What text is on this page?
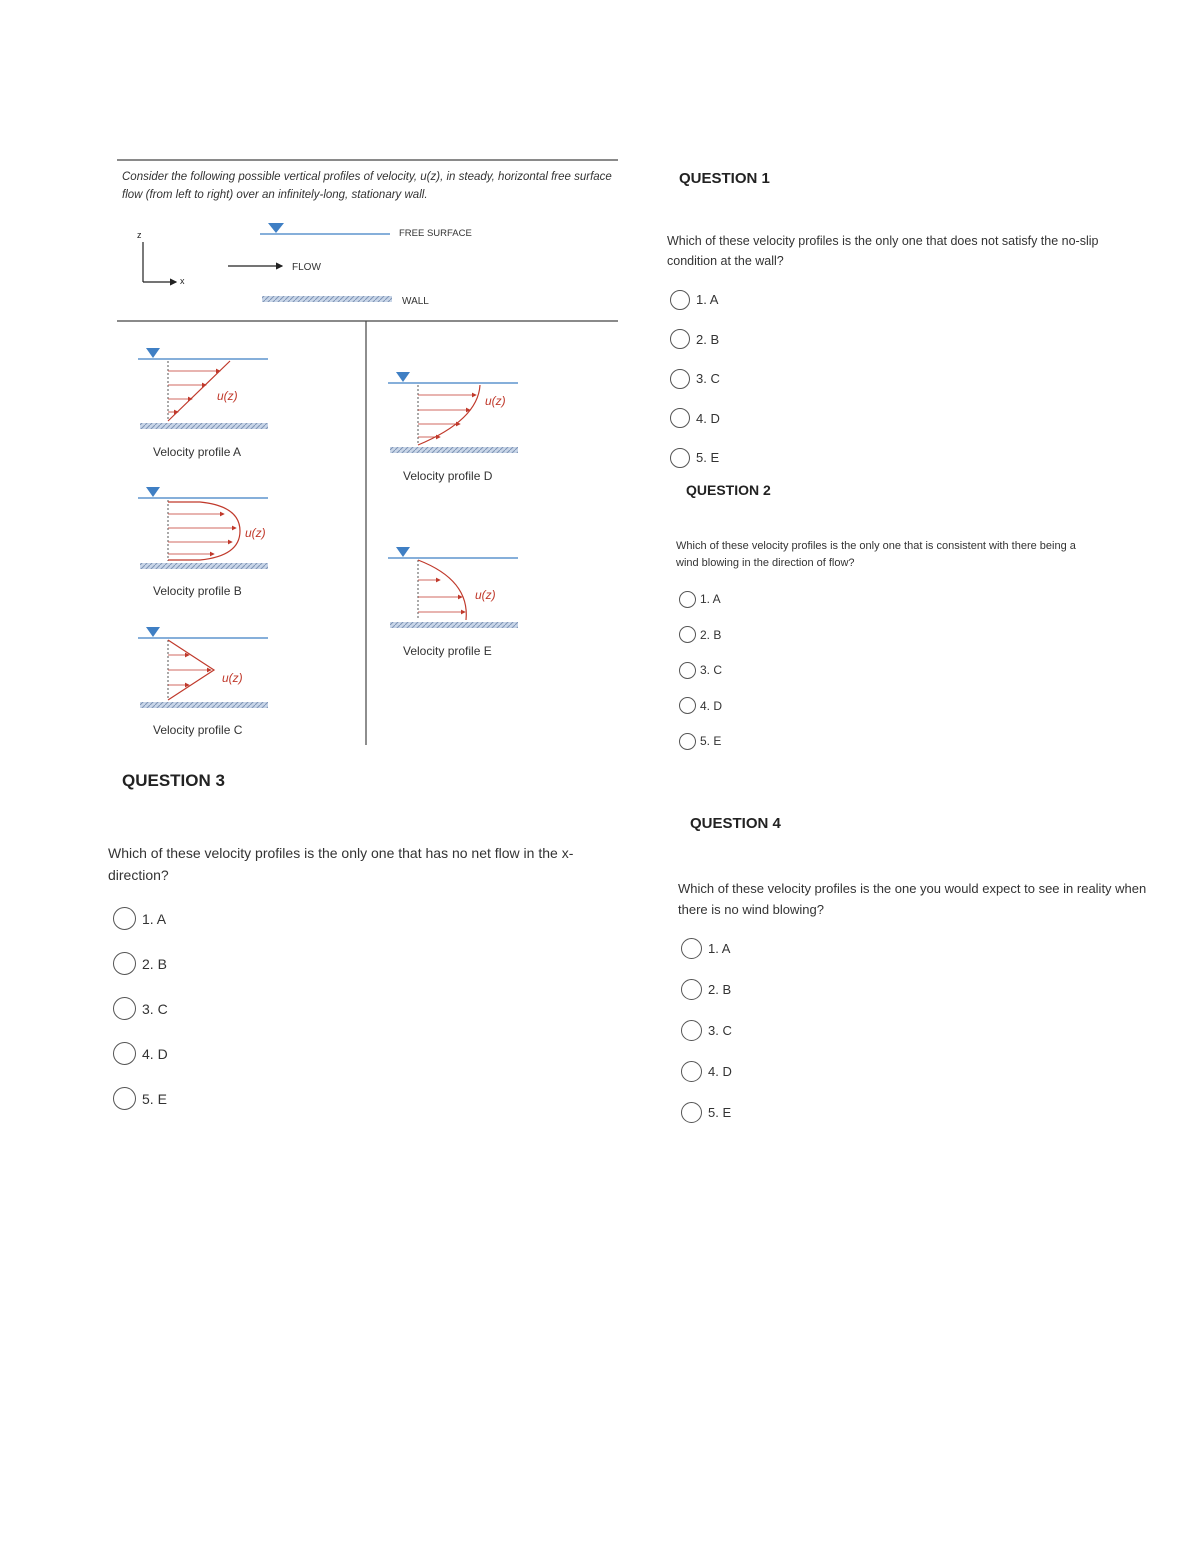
Consider the following possible vertical profiles of velocity, u(z), in steady, horizontal free surface flow (from left to right) over an infinitely-long, stationary wall.
z
x
FREE SURFACE
FLOW
WALL
u(z)
Velocity profile A
u(z)
Velocity profile B
u(z)
Velocity profile C
u(z)
Velocity profile D
u(z)
Velocity profile E
QUESTION 1
Which of these velocity profiles is the only one that does not satisfy the no-slip condition at the wall?
1. A
2. B
3. C
4. D
5. E
QUESTION 2
Which of these velocity profiles is the only one that is consistent with there being a wind blowing in the direction of flow?
1. A
2. B
3. C
4. D
5. E
QUESTION 3
Which of these velocity profiles is the only one that has no net flow in the x-direction?
1. A
2. B
3. C
4. D
5. E
QUESTION 4
Which of these velocity profiles is the one you would expect to see in reality when there is no wind blowing?
1. A
2. B
3. C
4. D
5. E
